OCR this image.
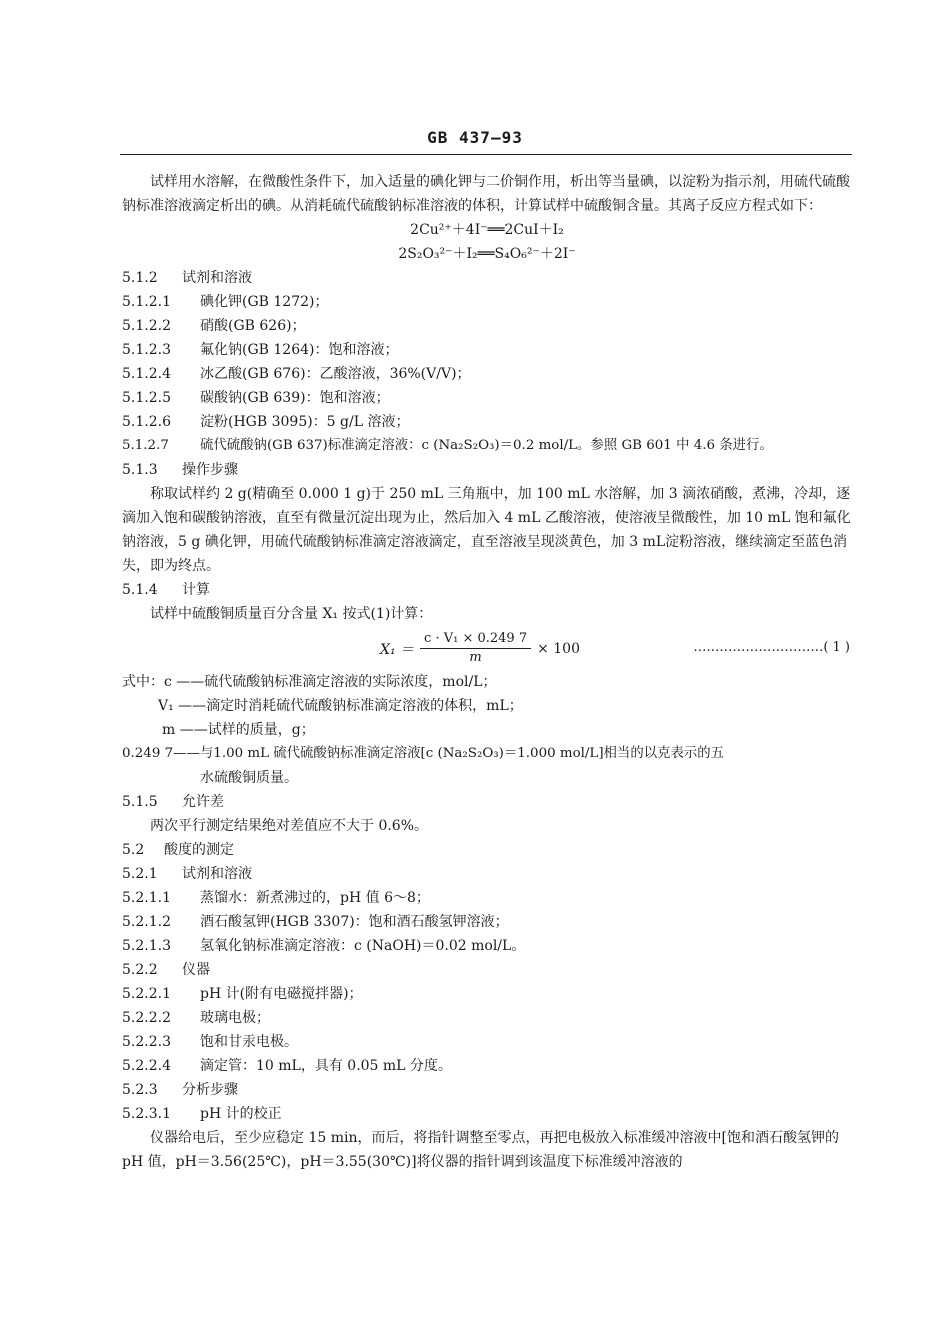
GB 437—93

试样用水溶解，在微酸性条件下，加入适量的碘化钾与二价铜作用，析出等当量碘，以淀粉为指示剂，用硫代硫酸钠标准溶液滴定析出的碘。从消耗硫代硫酸钠标准溶液的体积，计算试样中硫酸铜含量。其离子反应方程式如下：

2Cu²⁺＋4I⁻══2CuI＋I₂
2S₂O₃²⁻＋I₂══S₄O₆²⁻＋2I⁻
5.1.2 试剂和溶液
5.1.2.1 碘化钾(GB 1272)；
5.1.2.2 硝酸(GB 626)；
5.1.2.3 氟化钠(GB 1264)：饱和溶液；
5.1.2.4 冰乙酸(GB 676)：乙酸溶液，36%(V/V)；
5.1.2.5 碳酸钠(GB 639)：饱和溶液；
5.1.2.6 淀粉(HGB 3095)：5 g/L 溶液；
5.1.2.7 硫代硫酸钠(GB 637)标准滴定溶液：c (Na₂S₂O₃)＝0.2 mol/L。参照 GB 601 中 4.6 条进行。
5.1.3 操作步骤

称取试样约 2 g(精确至 0.000 1 g)于 250 mL 三角瓶中，加 100 mL 水溶解，加 3 滴浓硝酸，煮沸，冷却，逐滴加入饱和碳酸钠溶液，直至有微量沉淀出现为止，然后加入 4 mL 乙酸溶液，使溶液呈微酸性，加 10 mL 饱和氟化钠溶液，5 g 碘化钾，用硫代硫酸钠标准滴定溶液滴定，直至溶液呈现淡黄色，加 3 mL淀粉溶液，继续滴定至蓝色消失，即为终点。

5.1.4 计算

试样中硫酸铜质量百分含量 X₁ 按式(1)计算：

$X_1 = \frac{\text{c · V₁ × 0.249 7}}{m} \times 100$	…………………………( 1 )
式中：c ——硫代硫酸钠标准滴定溶液的实际浓度，mol/L；
V₁ ——滴定时消耗硫代硫酸钠标准滴定溶液的体积，mL；
m ——试样的质量，g；
0.249 7——与1.00 mL 硫代硫酸钠标准滴定溶液[c (Na₂S₂O₃)＝1.000 mol/L]相当的以克表示的五
水硫酸铜质量。
5.1.5 允许差

两次平行测定结果绝对差值应不大于 0.6%。

5.2 酸度的测定
5.2.1 试剂和溶液
5.2.1.1 蒸馏水：新煮沸过的，pH 值 6～8；
5.2.1.2 酒石酸氢钾(HGB 3307)：饱和酒石酸氢钾溶液；
5.2.1.3 氢氧化钠标准滴定溶液：c (NaOH)＝0.02 mol/L。
5.2.2 仪器
5.2.2.1 pH 计(附有电磁搅拌器)；
5.2.2.2 玻璃电极；
5.2.2.3 饱和甘汞电极。
5.2.2.4 滴定管：10 mL，具有 0.05 mL 分度。
5.2.3 分析步骤
5.2.3.1 pH 计的校正

仪器给电后，至少应稳定 15 min，而后，将指针调整至零点，再把电极放入标准缓冲溶液中[饱和酒石酸氢钾的 pH 值，pH＝3.56(25℃)，pH＝3.55(30℃)]将仪器的指针调到该温度下标准缓冲溶液的
